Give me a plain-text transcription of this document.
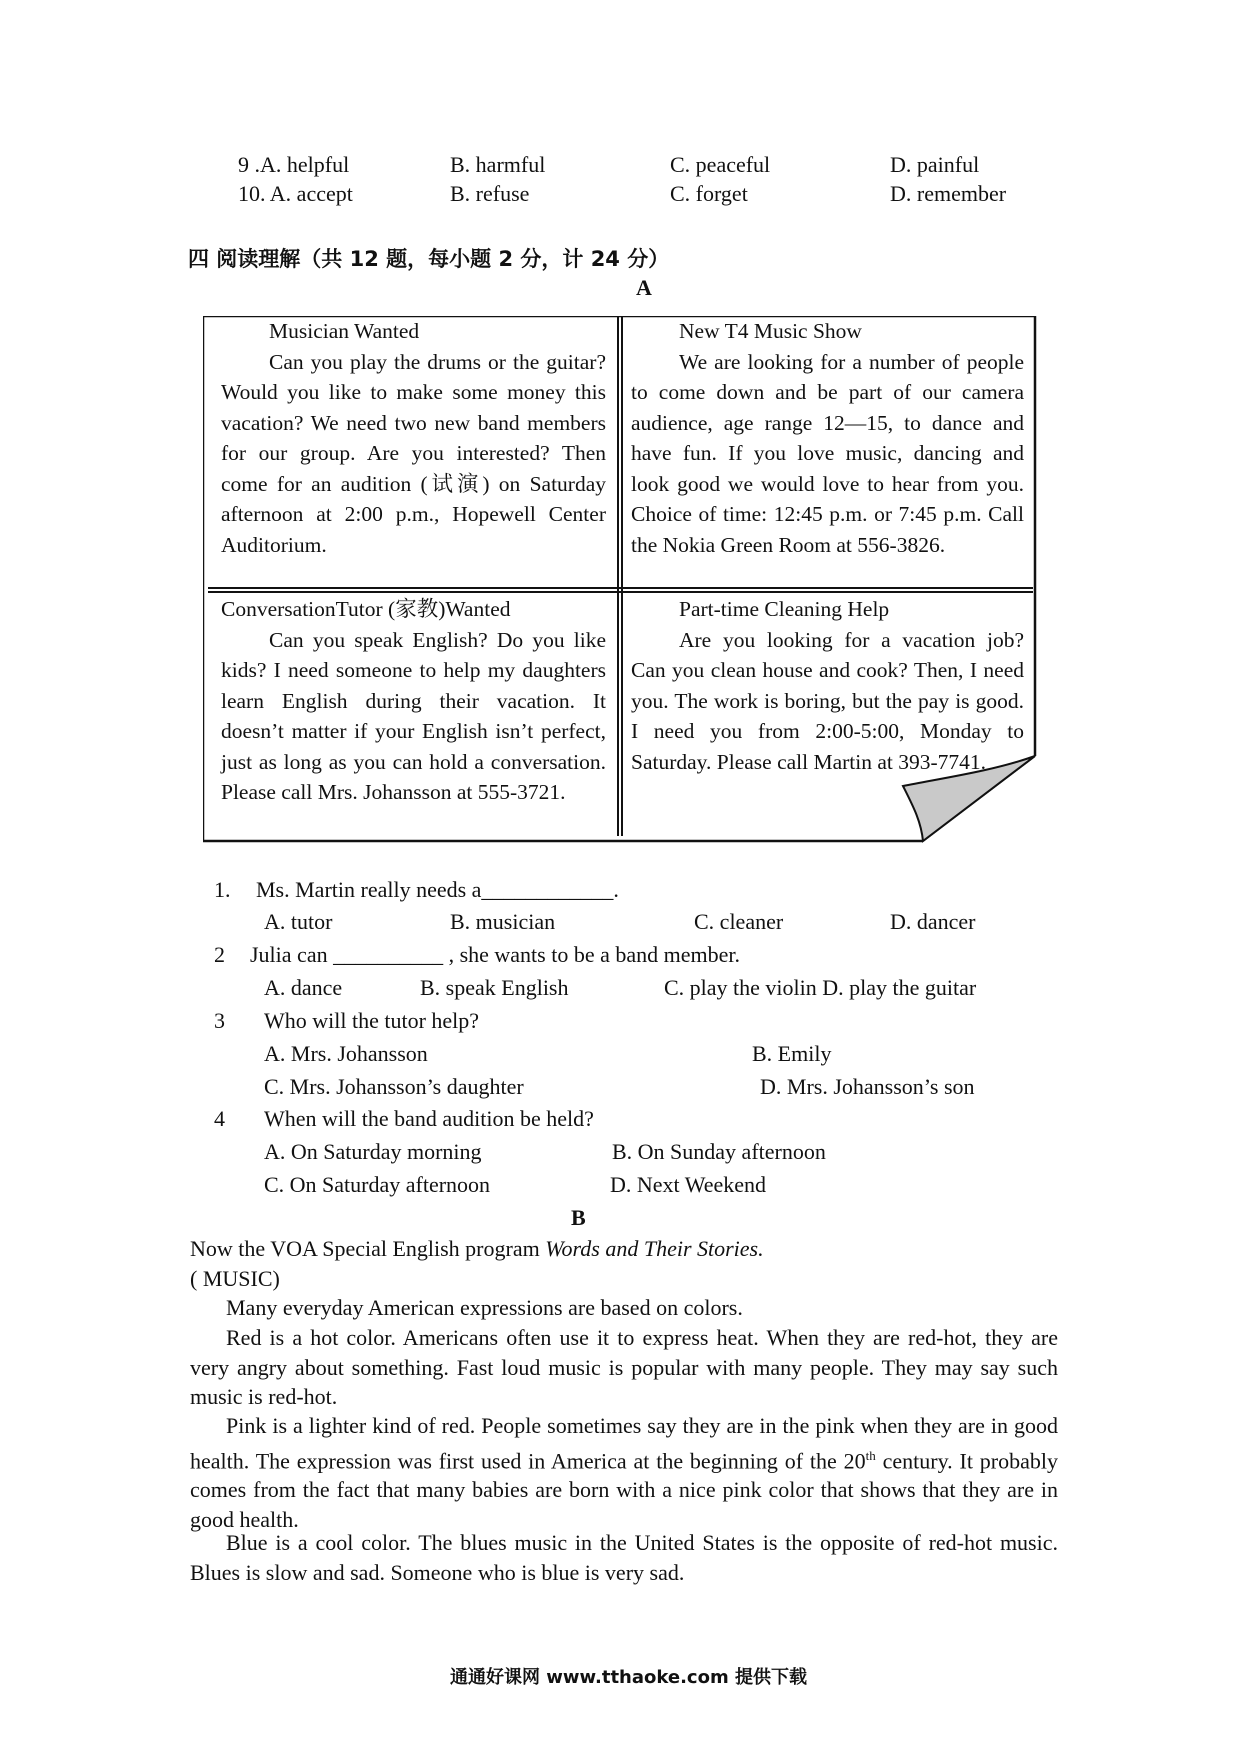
9 .A. helpful	B. harmful	C. peaceful	D. painful
10. A. accept	B. refuse	C. forget	D. remember
四 阅读理解（共 12 题，每小题 2 分，计 24 分）
A
Musician Wanted
Can you play the drums or the guitar? Would you like to make some money this vacation? We need two new band members for our group. Are you interested? Then come for an audition (试演) on Saturday afternoon at 2:00 p.m., Hopewell Center Auditorium.
New T4 Music Show
We are looking for a number of people to come down and be part of our camera audience, age range 12—15, to dance and have fun. If you love music, dancing and look good we would love to hear from you. Choice of time: 12:45 p.m. or 7:45 p.m. Call the Nokia Green Room at 556-3826.
ConversationTutor (家教)Wanted
Can you speak English? Do you like kids? I need someone to help my daughters learn English during their vacation. It doesn’t matter if your English isn’t perfect, just as long as you can hold a conversation. Please call Mrs. Johansson at 555-3721.
Part-time Cleaning Help
Are you looking for a vacation job? Can you clean house and cook? Then, I need you. The work is boring, but the pay is good. I need you from 2:00-5:00, Monday to Saturday. Please call Martin at 393-7741.
1. Ms. Martin really needs a____________.
A. tutor	B. musician	C. cleaner	D. dancer
2 Julia can __________ , she wants to be a band member.
A. dance	B. speak English	C. play the violin D. play the guitar
3 Who will the tutor help?
A. Mrs. Johansson	B. Emily
C. Mrs. Johansson’s daughter	D. Mrs. Johansson’s son
4 When will the band audition be held?
A. On Saturday morning	B. On Sunday afternoon
C. On Saturday afternoon	D. Next Weekend
B
Now the VOA Special English program Words and Their Stories.
( MUSIC)
Many everyday American expressions are based on colors.
Red is a hot color. Americans often use it to express heat. When they are red-hot, they are very angry about something. Fast loud music is popular with many people. They may say such music is red-hot.
Pink is a lighter kind of red. People sometimes say they are in the pink when they are in good health. The expression was first used in America at the beginning of the 20th century. It probably comes from the fact that many babies are born with a nice pink color that shows that they are in good health.
Blue is a cool color. The blues music in the United States is the opposite of red-hot music. Blues is slow and sad. Someone who is blue is very sad.
通通好课网 www.tthaoke.com 提供下载
